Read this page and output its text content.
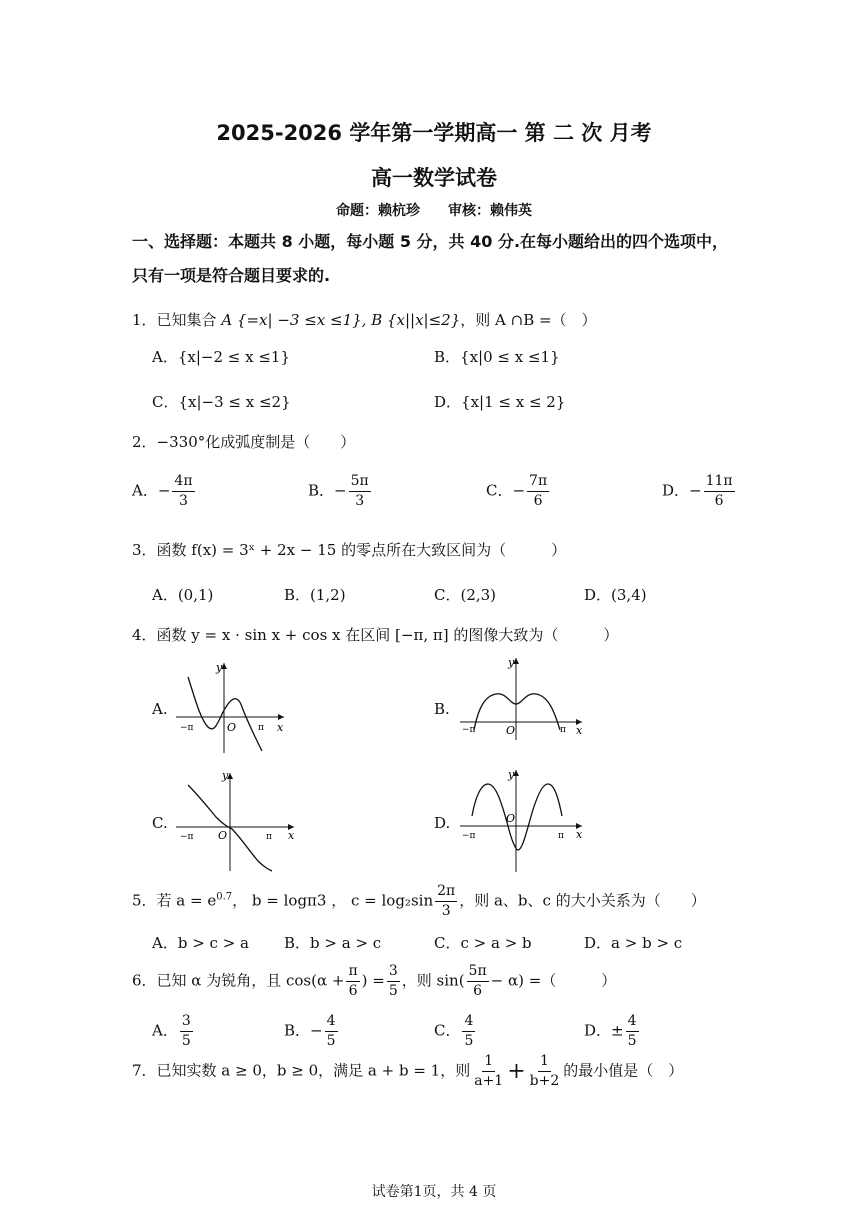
2025-2026 学年第一学期高一 第 二 次 月考
高一数学试卷
命题：赖杭珍　　审核：赖伟英
一、选择题：本题共 8 小题，每小题 5 分，共 40 分.在每小题给出的四个选项中，
只有一项是符合题目要求的.
1．已知集合 A {=x| −3 ≤x ≤1}, B {x||x|≤2}，则 A ∩B =（　）
A．{x|−2 ≤ x ≤1}	B．{x|0 ≤ x ≤1}
C．{x|−3 ≤ x ≤2}	D．{x|1 ≤ x ≤ 2}
2．−330°化成弧度制是（　　）
A．− $\frac{4\pi}{3}$	B．− $\frac{5\pi}{3}$	C．− $\frac{7\pi}{6}$	D．− $\frac{11\pi}{6}$
3．函数 f(x) = 3ˣ + 2x − 15 的零点所在大致区间为（　　　）
A．(0,1)	B．(1,2)	C．(2,3)	D．(3,4)
4．函数 y = x · sin x + cos x 在区间 [−π, π] 的图像大致为（　　　）
A.	B.
C.	D.
y
x
O
−π	π
y
x
O
−π	π
y
x
O
−π	π
y
x
O
−π	π
5．若 $a = e^{0.7}$， b = logπ3 ， $c = \log_2\sin \frac{2\pi}{3}$ ，则 a、b、c 的大小关系为（　　）
A．b > c > a B．b > a > c	C．c > a > b	D．a > b > c
6．已知 α 为锐角，且 $\cos(\alpha + \frac{\pi}{6}$ ) = $\frac{3}{5}$ ，则 $\sin( \frac{5\pi}{6} - \alpha)$ =（　　　）
A． $\frac{3}{5}$	B．− $\frac{4}{5}$	C． $\frac{4}{5}$	D．± $\frac{4}{5}$
7．已知实数 a ≥ 0，b ≥ 0，满足 a + b = 1，则 $\frac{1}{a+1} + \frac{1}{b+2}$ 的最小值是（　）
试卷第1页，共 4 页
